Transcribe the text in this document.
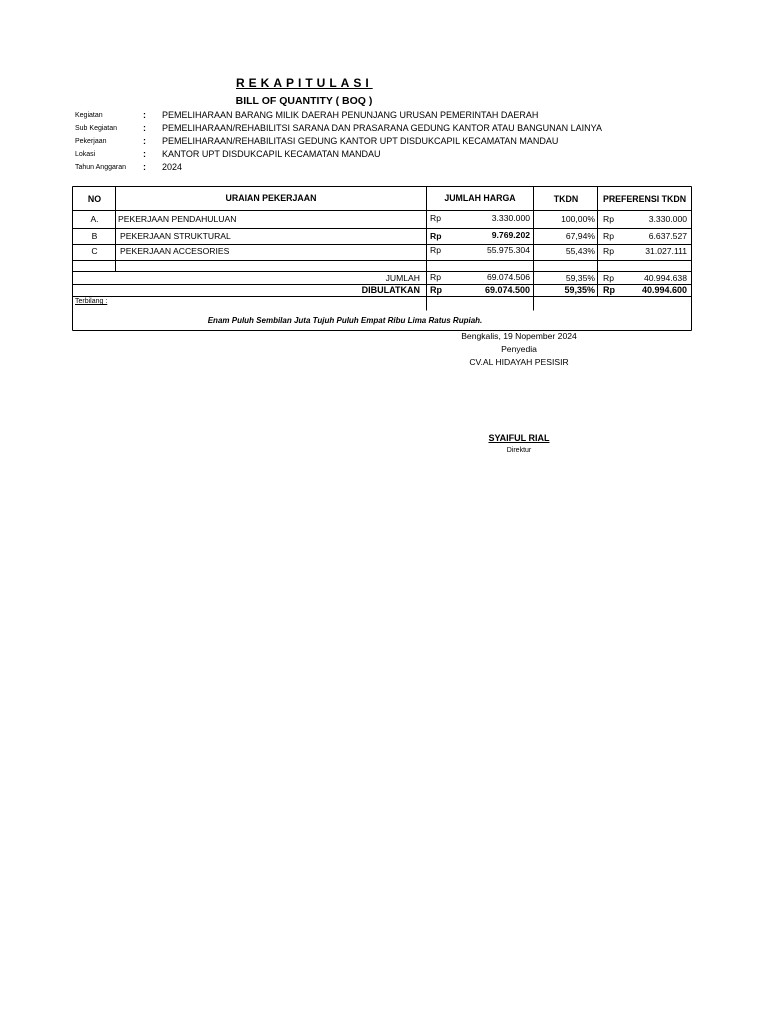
REKAPITULASI
BILL OF QUANTITY ( BOQ )
Kegiatan	: PEMELIHARAAN BARANG MILIK DAERAH PENUNJANG URUSAN PEMERINTAH DAERAH
Sub Kegiatan	: PEMELIHARAAN/REHABILITSI SARANA DAN PRASARANA GEDUNG KANTOR ATAU BANGUNAN LAINYA
Pekerjaan	: PEMELIHARAAN/REHABILITASI GEDUNG KANTOR UPT DISDUKCAPIL KECAMATAN MANDAU
Lokasi	: KANTOR UPT DISDUKCAPIL KECAMATAN MANDAU
Tahun Anggaran : 2024
NO	URAIAN PEKERJAAN	JUMLAH HARGA	TKDN	PREFERENSI TKDN
A.	PEKERJAAN PENDAHULUAN	Rp	3.330.000	100,00% Rp	3.330.000
B	PEKERJAAN STRUKTURAL	Rp	9.769.202	67,94% Rp	6.637.527
C	PEKERJAAN ACCESORIES	Rp	55.975.304	55,43% Rp	31.027.111
JUMLAH Rp	69.074.506	59,35% Rp	40.994.638
DIBULATKAN Rp	69.074.500	59,35% Rp	40.994.600
Terbilang :
Enam Puluh Sembilan Juta Tujuh Puluh Empat Ribu Lima Ratus Rupiah.
Bengkalis, 19 Nopember 2024
Penyedia
CV.AL HIDAYAH PESISIR
SYAIFUL RIAL
Direktur
